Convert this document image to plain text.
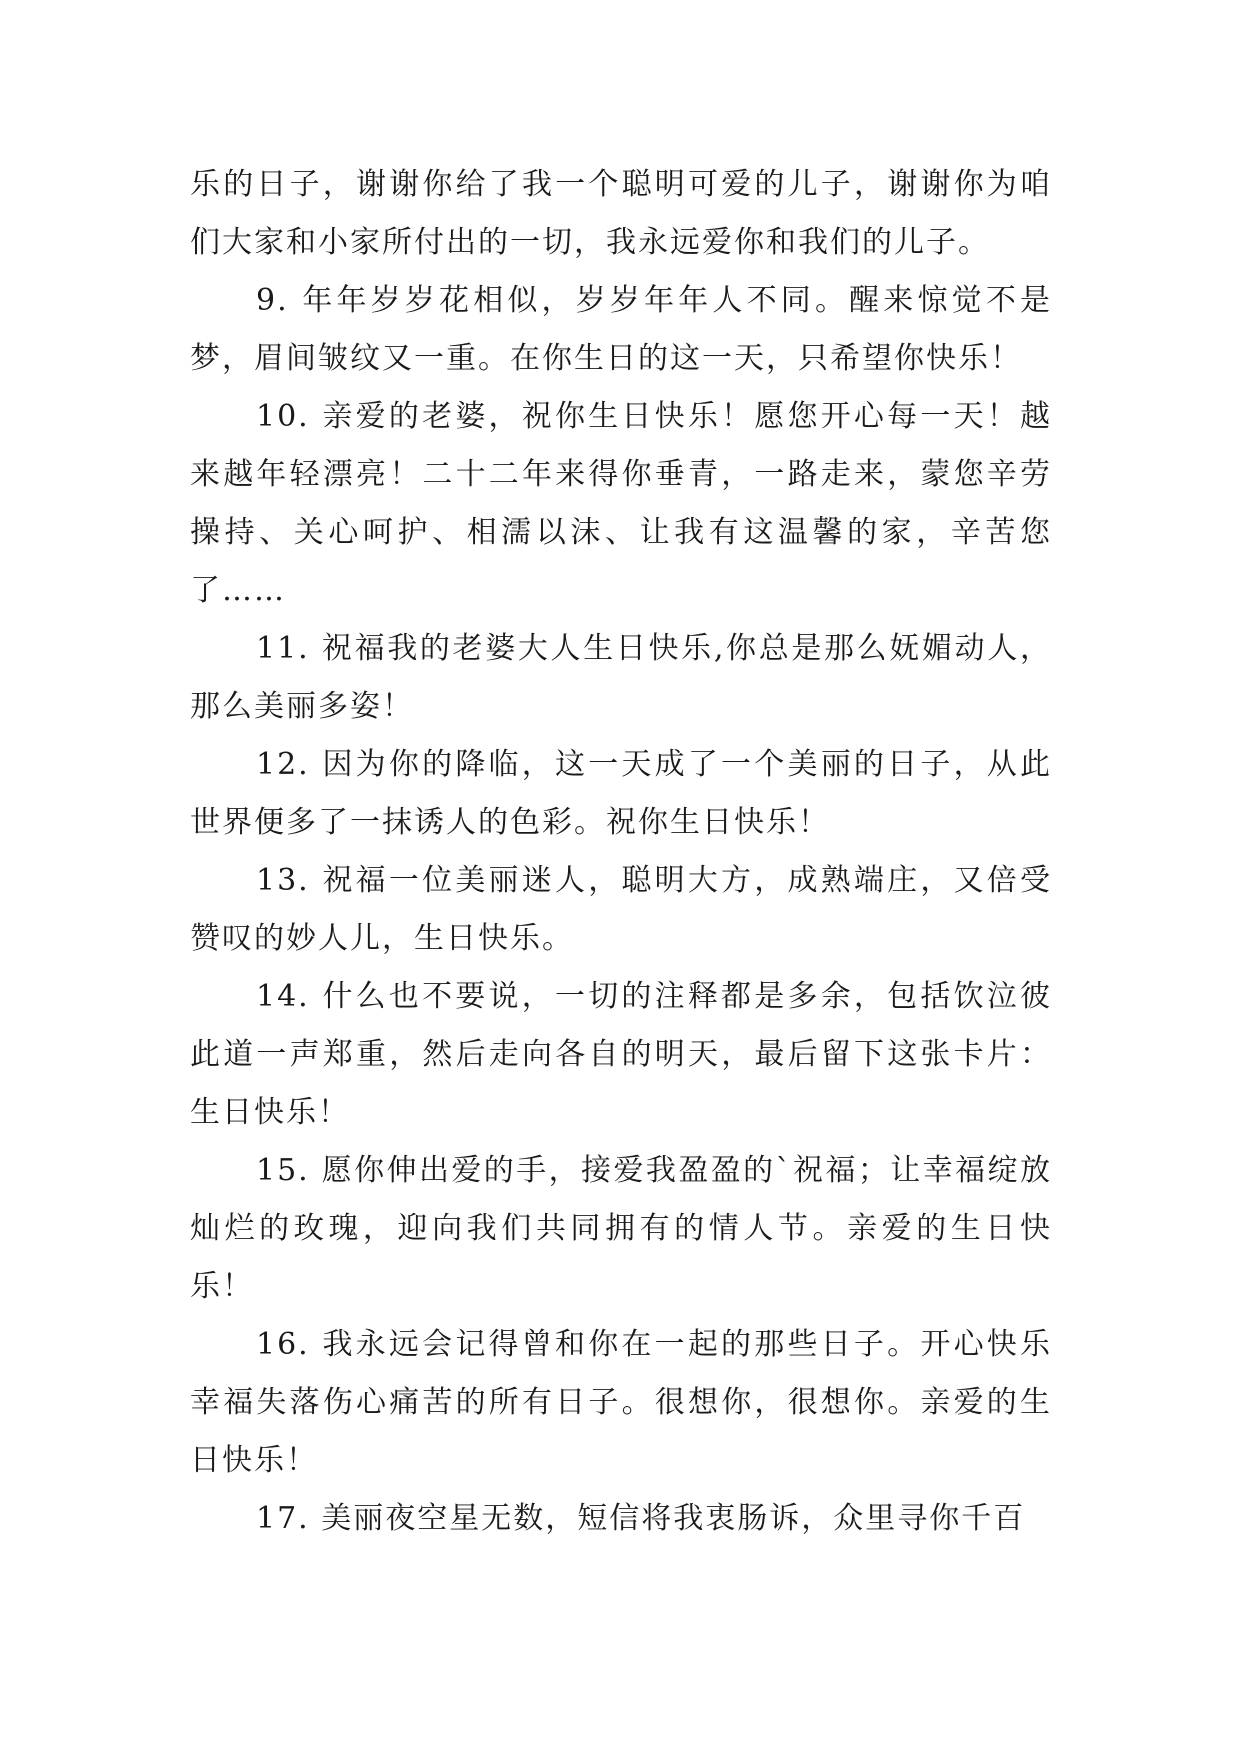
乐的日子，谢谢你给了我一个聪明可爱的儿子，谢谢你为咱们大家和小家所付出的一切，我永远爱你和我们的儿子。

9. 年年岁岁花相似，岁岁年年人不同。醒来惊觉不是梦，眉间皱纹又一重。在你生日的这一天，只希望你快乐！

10. 亲爱的老婆，祝你生日快乐！愿您开心每一天！越来越年轻漂亮！二十二年来得你垂青，一路走来，蒙您辛劳操持、关心呵护、相濡以沫、让我有这温馨的家，辛苦您了……

11. 祝福我的老婆大人生日快乐,你总是那么妩媚动人，那么美丽多姿！

12. 因为你的降临，这一天成了一个美丽的日子，从此世界便多了一抹诱人的色彩。祝你生日快乐！

13. 祝福一位美丽迷人，聪明大方，成熟端庄，又倍受赞叹的妙人儿，生日快乐。

14. 什么也不要说，一切的注释都是多余，包括饮泣彼此道一声郑重，然后走向各自的明天，最后留下这张卡片：生日快乐！

15. 愿你伸出爱的手，接爱我盈盈的`祝福；让幸福绽放灿烂的玫瑰，迎向我们共同拥有的情人节。亲爱的生日快乐！

16. 我永远会记得曾和你在一起的那些日子。开心快乐幸福失落伤心痛苦的所有日子。很想你，很想你。亲爱的生日快乐！

17. 美丽夜空星无数，短信将我衷肠诉，众里寻你千百
